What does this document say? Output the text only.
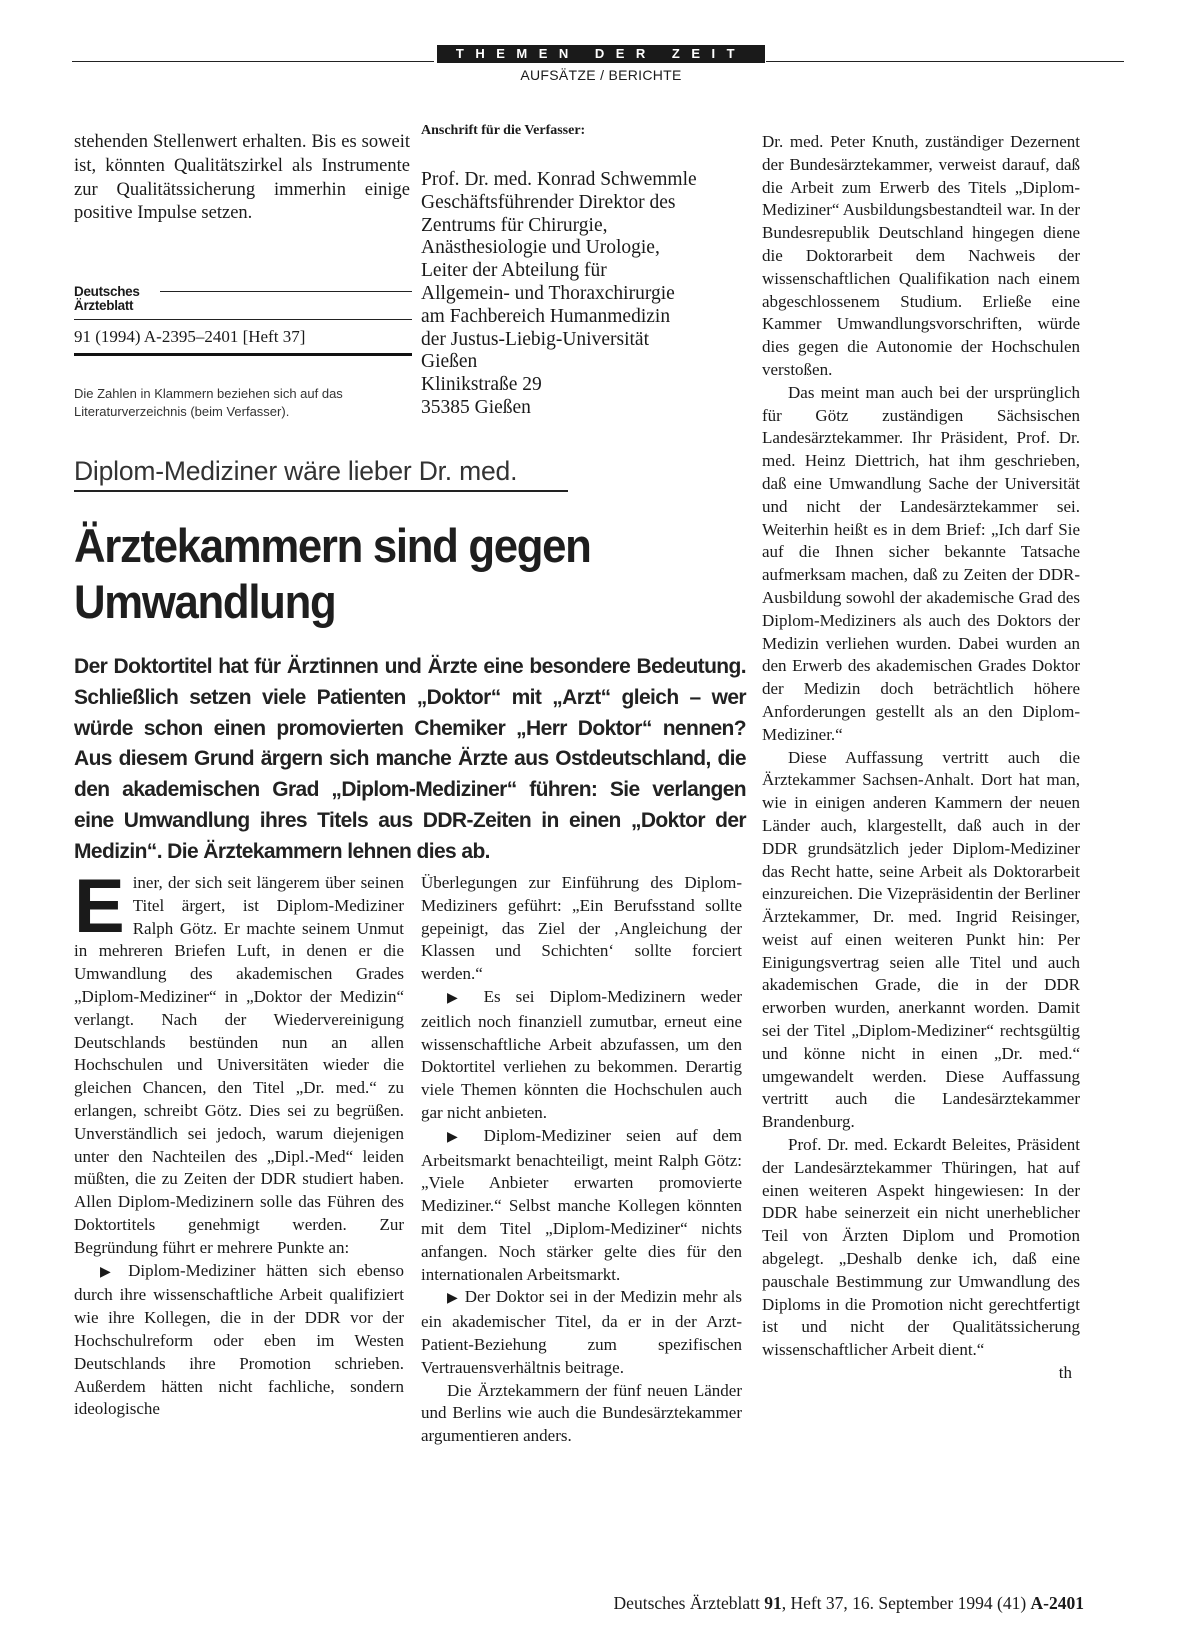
THEMEN DER ZEIT
AUFSÄTZE / BERICHTE

stehenden Stellenwert erhalten. Bis es soweit ist, könnten Qualitätszirkel als Instrumente zur Qualitätssicherung immerhin einige positive Impulse setzen.

Deutsches
Ärzteblatt
91 (1994) A-2395–2401 [Heft 37]
Die Zahlen in Klammern beziehen sich auf das Literaturverzeichnis (beim Verfasser).
Anschrift für die Verfasser:
Prof. Dr. med. Konrad Schwemmle
Geschäftsführender Direktor des
Zentrums für Chirurgie,
Anästhesiologie und Urologie,
Leiter der Abteilung für
Allgemein- und Thoraxchirurgie
am Fachbereich Humanmedizin
der Justus-Liebig-Universität
Gießen
Klinikstraße 29
35385 Gießen
Diplom-Mediziner wäre lieber Dr. med.
Ärztekammern sind gegen
Umwandlung
Der Doktortitel hat für Ärztinnen und Ärzte eine besondere Bedeutung. Schließlich setzen viele Patienten „Doktor“ mit „Arzt“ gleich – wer würde schon einen promovierten Chemiker „Herr Doktor“ nennen? Aus diesem Grund ärgern sich manche Ärzte aus Ostdeutschland, die den akademischen Grad „Diplom-Mediziner“ führen: Sie verlangen eine Umwandlung ihres Titels aus DDR-Zeiten in einen „Doktor der Medizin“. Die Ärztekammern lehnen dies ab.

Einer, der sich seit längerem über seinen Titel ärgert, ist Diplom-Mediziner Ralph Götz. Er machte seinem Unmut in mehreren Briefen Luft, in denen er die Umwandlung des akademischen Grades „Diplom-Mediziner“ in „Doktor der Medizin“ verlangt. Nach der Wiedervereinigung Deutschlands bestünden nun an allen Hochschulen und Universitäten wieder die gleichen Chancen, den Titel „Dr. med.“ zu erlangen, schreibt Götz. Dies sei zu begrüßen. Unverständlich sei jedoch, warum diejenigen unter den Nachteilen des „Dipl.-Med“ leiden müßten, die zu Zeiten der DDR studiert haben. Allen Diplom-Medizinern solle das Führen des Doktortitels genehmigt werden. Zur Begründung führt er mehrere Punkte an:

▶ Diplom-Mediziner hätten sich ebenso durch ihre wissenschaftliche Arbeit qualifiziert wie ihre Kollegen, die in der DDR vor der Hochschulreform oder eben im Westen Deutschlands ihre Promotion schrieben. Außerdem hätten nicht fachliche, sondern ideologische

Überlegungen zur Einführung des Diplom-Mediziners geführt: „Ein Berufsstand sollte gepeinigt, das Ziel der ‚Angleichung der Klassen und Schichten‘ sollte forciert werden.“

▶ Es sei Diplom-Medizinern weder zeitlich noch finanziell zumutbar, erneut eine wissenschaftliche Arbeit abzufassen, um den Doktortitel verliehen zu bekommen. Derartig viele Themen könnten die Hochschulen auch gar nicht anbieten.

▶ Diplom-Mediziner seien auf dem Arbeitsmarkt benachteiligt, meint Ralph Götz: „Viele Anbieter erwarten promovierte Mediziner.“ Selbst manche Kollegen könnten mit dem Titel „Diplom-Mediziner“ nichts anfangen. Noch stärker gelte dies für den internationalen Arbeitsmarkt.

▶ Der Doktor sei in der Medizin mehr als ein akademischer Titel, da er in der Arzt-Patient-Beziehung zum spezifischen Vertrauensverhältnis beitrage.

Die Ärztekammern der fünf neuen Länder und Berlins wie auch die Bundesärztekammer argumentieren anders.

Dr. med. Peter Knuth, zuständiger Dezernent der Bundesärztekammer, verweist darauf, daß die Arbeit zum Erwerb des Titels „Diplom-Mediziner“ Ausbildungsbestandteil war. In der Bundesrepublik Deutschland hingegen diene die Doktorarbeit dem Nachweis der wissenschaftlichen Qualifikation nach einem abgeschlossenem Studium. Erließe eine Kammer Umwandlungsvorschriften, würde dies gegen die Autonomie der Hochschulen verstoßen.

Das meint man auch bei der ursprünglich für Götz zuständigen Sächsischen Landesärztekammer. Ihr Präsident, Prof. Dr. med. Heinz Diettrich, hat ihm geschrieben, daß eine Umwandlung Sache der Universität und nicht der Landesärztekammer sei. Weiterhin heißt es in dem Brief: „Ich darf Sie auf die Ihnen sicher bekannte Tatsache aufmerksam machen, daß zu Zeiten der DDR-Ausbildung sowohl der akademische Grad des Diplom-Mediziners als auch des Doktors der Medizin verliehen wurden. Dabei wurden an den Erwerb des akademischen Grades Doktor der Medizin doch beträchtlich höhere Anforderungen gestellt als an den Diplom-Mediziner.“

Diese Auffassung vertritt auch die Ärztekammer Sachsen-Anhalt. Dort hat man, wie in einigen anderen Kammern der neuen Länder auch, klargestellt, daß auch in der DDR grundsätzlich jeder Diplom-Mediziner das Recht hatte, seine Arbeit als Doktorarbeit einzureichen. Die Vizepräsidentin der Berliner Ärztekammer, Dr. med. Ingrid Reisinger, weist auf einen weiteren Punkt hin: Per Einigungsvertrag seien alle Titel und auch akademischen Grade, die in der DDR erworben wurden, anerkannt worden. Damit sei der Titel „Diplom-Mediziner“ rechtsgültig und könne nicht in einen „Dr. med.“ umgewandelt werden. Diese Auffassung vertritt auch die Landesärztekammer Brandenburg.

Prof. Dr. med. Eckardt Beleites, Präsident der Landesärztekammer Thüringen, hat auf einen weiteren Aspekt hingewiesen: In der DDR habe seinerzeit ein nicht unerheblicher Teil von Ärzten Diplom und Promotion abgelegt. „Deshalb denke ich, daß eine pauschale Bestimmung zur Umwandlung des Diploms in die Promotion nicht gerechtfertigt ist und nicht der Qualitätssicherung wissenschaftlicher Arbeit dient.“

th
Deutsches Ärzteblatt 91, Heft 37, 16. September 1994 (41) A-2401
